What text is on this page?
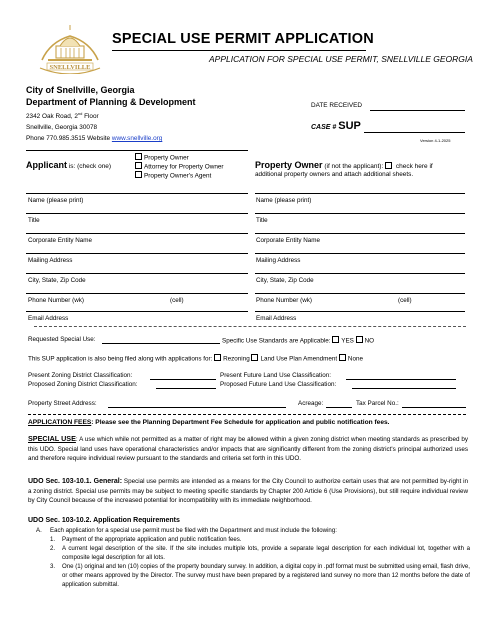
SNELLVILLE
SPECIAL USE PERMIT APPLICATION
APPLICATION FOR SPECIAL USE PERMIT, SNELLVILLE GEORGIA
City of Snellville, Georgia
Department of Planning & Development
2342 Oak Road, 2nd Floor
Snellville, Georgia 30078
Phone 770.985.3515 Website www.snellville.org
DATE RECEIVED
CASE # SUP
Version 4-1-2025
Applicant is: (check one)
Property Owner
Attorney for Property Owner
Property Owner's Agent
Property Owner (if not the applicant):  check here if
additional property owners and attach additional sheets.
Name (please print)	Name (please print)
Title	Title
Corporate Entity Name	Corporate Entity Name
Mailing Address	Mailing Address
City, State, Zip Code	City, State, Zip Code
Phone Number (wk)	(cell)	Phone Number (wk)	(cell)
Email Address	Email Address
Requested Special Use:	Specific Use Standards are Applicable: YES NO
This SUP application is also being filed along with applications for: Rezoning Land Use Plan Amendment None
Present Zoning District Classification:	Present Future Land Use Classification:
Proposed Zoning District Classification:	Proposed Future Land Use Classification:
Property Street Address:	Acreage:	Tax Parcel No.:
APPLICATION FEES: Please see the Planning Department Fee Schedule for application and public notification fees.
SPECIAL USE: A use which while not permitted as a matter of right may be allowed within a given zoning district when meeting standards as prescribed by this UDO. Special land uses have operational characteristics and/or impacts that are significantly different from the zoning district's principal authorized uses and therefore require individual review pursuant to the standards and criteria set forth in this UDO.
UDO Sec. 103-10.1. General: Special use permits are intended as a means for the City Council to authorize certain uses that are not permitted by-right in a zoning district. Special use permits may be subject to meeting specific standards by Chapter 200 Article 6 (Use Provisions), but still require individual review by City Council because of the increased potential for incompatibility with its immediate neighborhood.
UDO Sec. 103-10.2. Application Requirements
A. Each application for a special use permit must be filed with the Department and must include the following:
1. Payment of the appropriate application and public notification fees.
2. A current legal description of the site. If the site includes multiple lots, provide a separate legal description for each individual lot, together with a composite legal description for all lots.
3. One (1) original and ten (10) copies of the property boundary survey. In addition, a digital copy in .pdf format must be submitted using email, flash drive, or other means approved by the Director. The survey must have been prepared by a registered land survey no more than 12 months before the date of application submittal.
